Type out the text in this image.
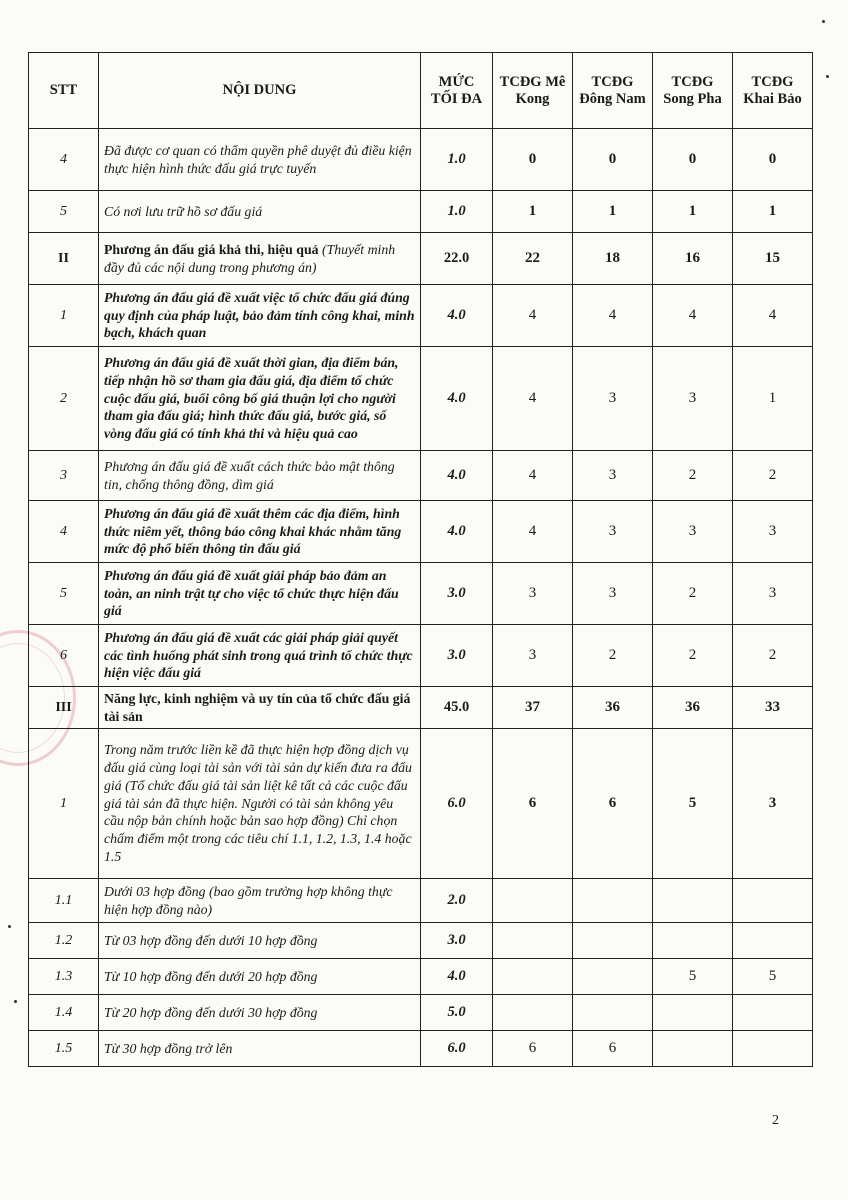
STT	NỘI DUNG	MỨC TỐI ĐA	TCĐG Mê Kong	TCĐG Đông Nam	TCĐG Song Pha	TCĐG Khai Bảo
4	Đã được cơ quan có thẩm quyền phê duyệt đủ điều kiện thực hiện hình thức đấu giá trực tuyến	1.0	0	0	0	0
5	Có nơi lưu trữ hồ sơ đấu giá	1.0	1	1	1	1
II	Phương án đấu giá khả thi, hiệu quả (Thuyết minh đầy đủ các nội dung trong phương án)	22.0	22	18	16	15
1	Phương án đấu giá đề xuất việc tổ chức đấu giá đúng quy định của pháp luật, bảo đảm tính công khai, minh bạch, khách quan	4.0	4	4	4	4
2	Phương án đấu giá đề xuất thời gian, địa điểm bán, tiếp nhận hồ sơ tham gia đấu giá, địa điểm tổ chức cuộc đấu giá, buổi công bố giá thuận lợi cho người tham gia đấu giá; hình thức đấu giá, bước giá, số vòng đấu giá có tính khả thi và hiệu quả cao	4.0	4	3	3	1
3	Phương án đấu giá đề xuất cách thức bảo mật thông tin, chống thông đồng, dìm giá	4.0	4	3	2	2
4	Phương án đấu giá đề xuất thêm các địa điểm, hình thức niêm yết, thông báo công khai khác nhằm tăng mức độ phổ biến thông tin đấu giá	4.0	4	3	3	3
5	Phương án đấu giá đề xuất giải pháp bảo đảm an toàn, an ninh trật tự cho việc tổ chức thực hiện đấu giá	3.0	3	3	2	3
6	Phương án đấu giá đề xuất các giải pháp giải quyết các tình huống phát sinh trong quá trình tổ chức thực hiện việc đấu giá	3.0	3	2	2	2
III	Năng lực, kinh nghiệm và uy tín của tổ chức đấu giá tài sản	45.0	37	36	36	33
1	Trong năm trước liền kề đã thực hiện hợp đồng dịch vụ đấu giá cùng loại tài sản với tài sản dự kiến đưa ra đấu giá (Tổ chức đấu giá tài sản liệt kê tất cả các cuộc đấu giá tài sản đã thực hiện. Người có tài sản không yêu cầu nộp bản chính hoặc bản sao hợp đồng) Chỉ chọn chấm điểm một trong các tiêu chí 1.1, 1.2, 1.3, 1.4 hoặc 1.5	6.0	6	6	5	3
1.1	Dưới 03 hợp đồng (bao gồm trường hợp không thực hiện hợp đồng nào)	2.0				
1.2	Từ 03 hợp đồng đến dưới 10 hợp đồng	3.0				
1.3	Từ 10 hợp đồng đến dưới 20 hợp đồng	4.0			5	5
1.4	Từ 20 hợp đồng đến dưới 30 hợp đồng	5.0				
1.5	Từ 30 hợp đồng trở lên	6.0	6	6		
2
